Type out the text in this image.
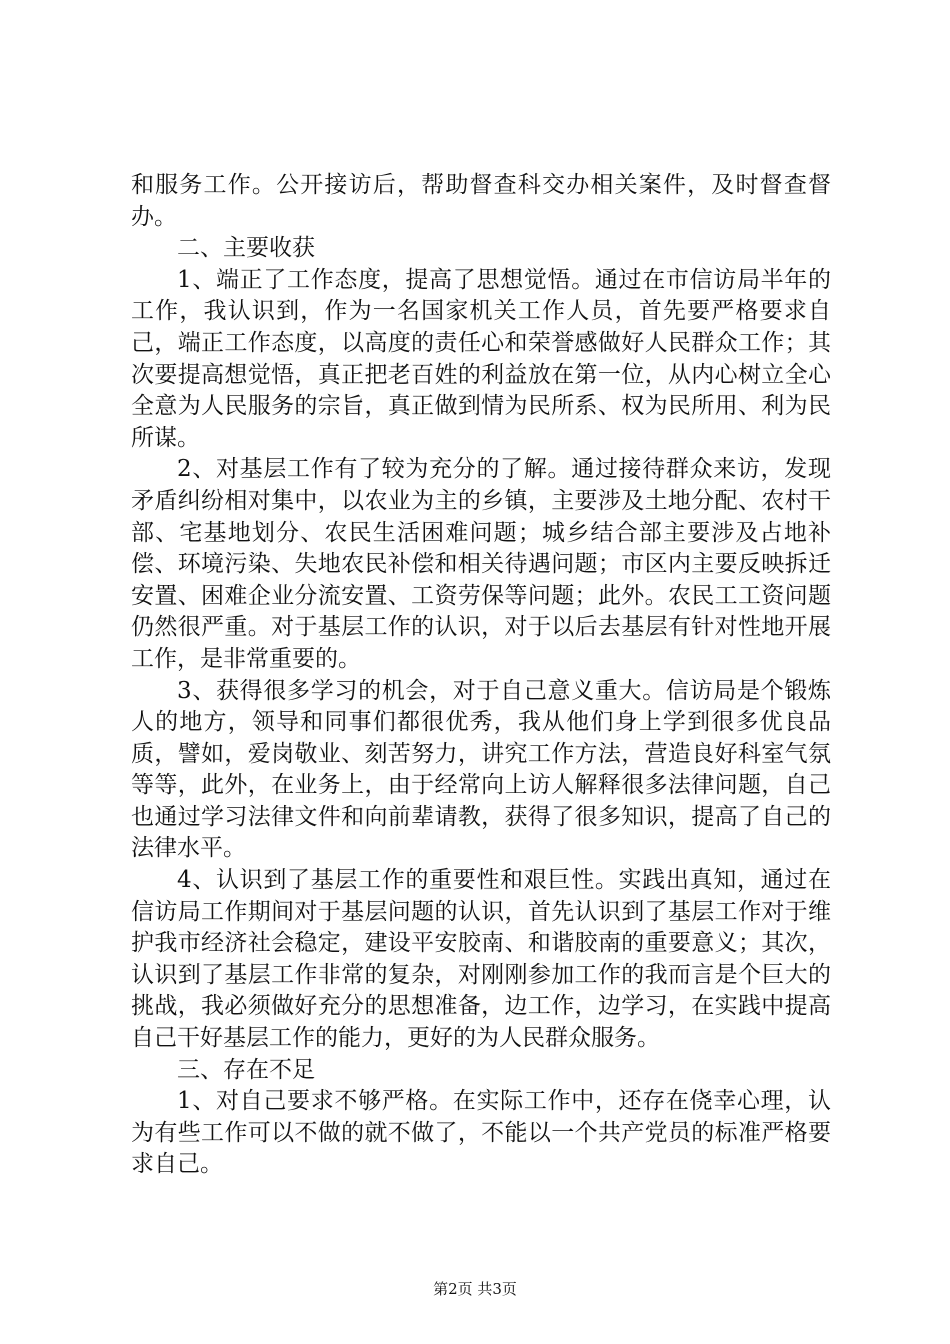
和服务工作。公开接访后，帮助督查科交办相关案件，及时督查督办。

二、主要收获

1、端正了工作态度，提高了思想觉悟。通过在市信访局半年的工作，我认识到，作为一名国家机关工作人员，首先要严格要求自己，端正工作态度，以高度的责任心和荣誉感做好人民群众工作；其次要提高想觉悟，真正把老百姓的利益放在第一位，从内心树立全心全意为人民服务的宗旨，真正做到情为民所系、权为民所用、利为民所谋。

2、对基层工作有了较为充分的了解。通过接待群众来访，发现矛盾纠纷相对集中，以农业为主的乡镇，主要涉及土地分配、农村干部、宅基地划分、农民生活困难问题；城乡结合部主要涉及占地补偿、环境污染、失地农民补偿和相关待遇问题；市区内主要反映拆迁安置、困难企业分流安置、工资劳保等问题；此外。农民工工资问题仍然很严重。对于基层工作的认识，对于以后去基层有针对性地开展工作，是非常重要的。

3、获得很多学习的机会，对于自己意义重大。信访局是个锻炼人的地方，领导和同事们都很优秀，我从他们身上学到很多优良品质，譬如，爱岗敬业、刻苦努力，讲究工作方法，营造良好科室气氛等等，此外，在业务上，由于经常向上访人解释很多法律问题，自己也通过学习法律文件和向前辈请教，获得了很多知识，提高了自己的法律水平。

4、认识到了基层工作的重要性和艰巨性。实践出真知，通过在信访局工作期间对于基层问题的认识，首先认识到了基层工作对于维护我市经济社会稳定，建设平安胶南、和谐胶南的重要意义；其次，认识到了基层工作非常的复杂，对刚刚参加工作的我而言是个巨大的挑战，我必须做好充分的思想准备，边工作，边学习，在实践中提高自己干好基层工作的能力，更好的为人民群众服务。

三、存在不足

1、对自己要求不够严格。在实际工作中，还存在侥幸心理，认为有些工作可以不做的就不做了，不能以一个共产党员的标准严格要求自己。

第2页 共3页
